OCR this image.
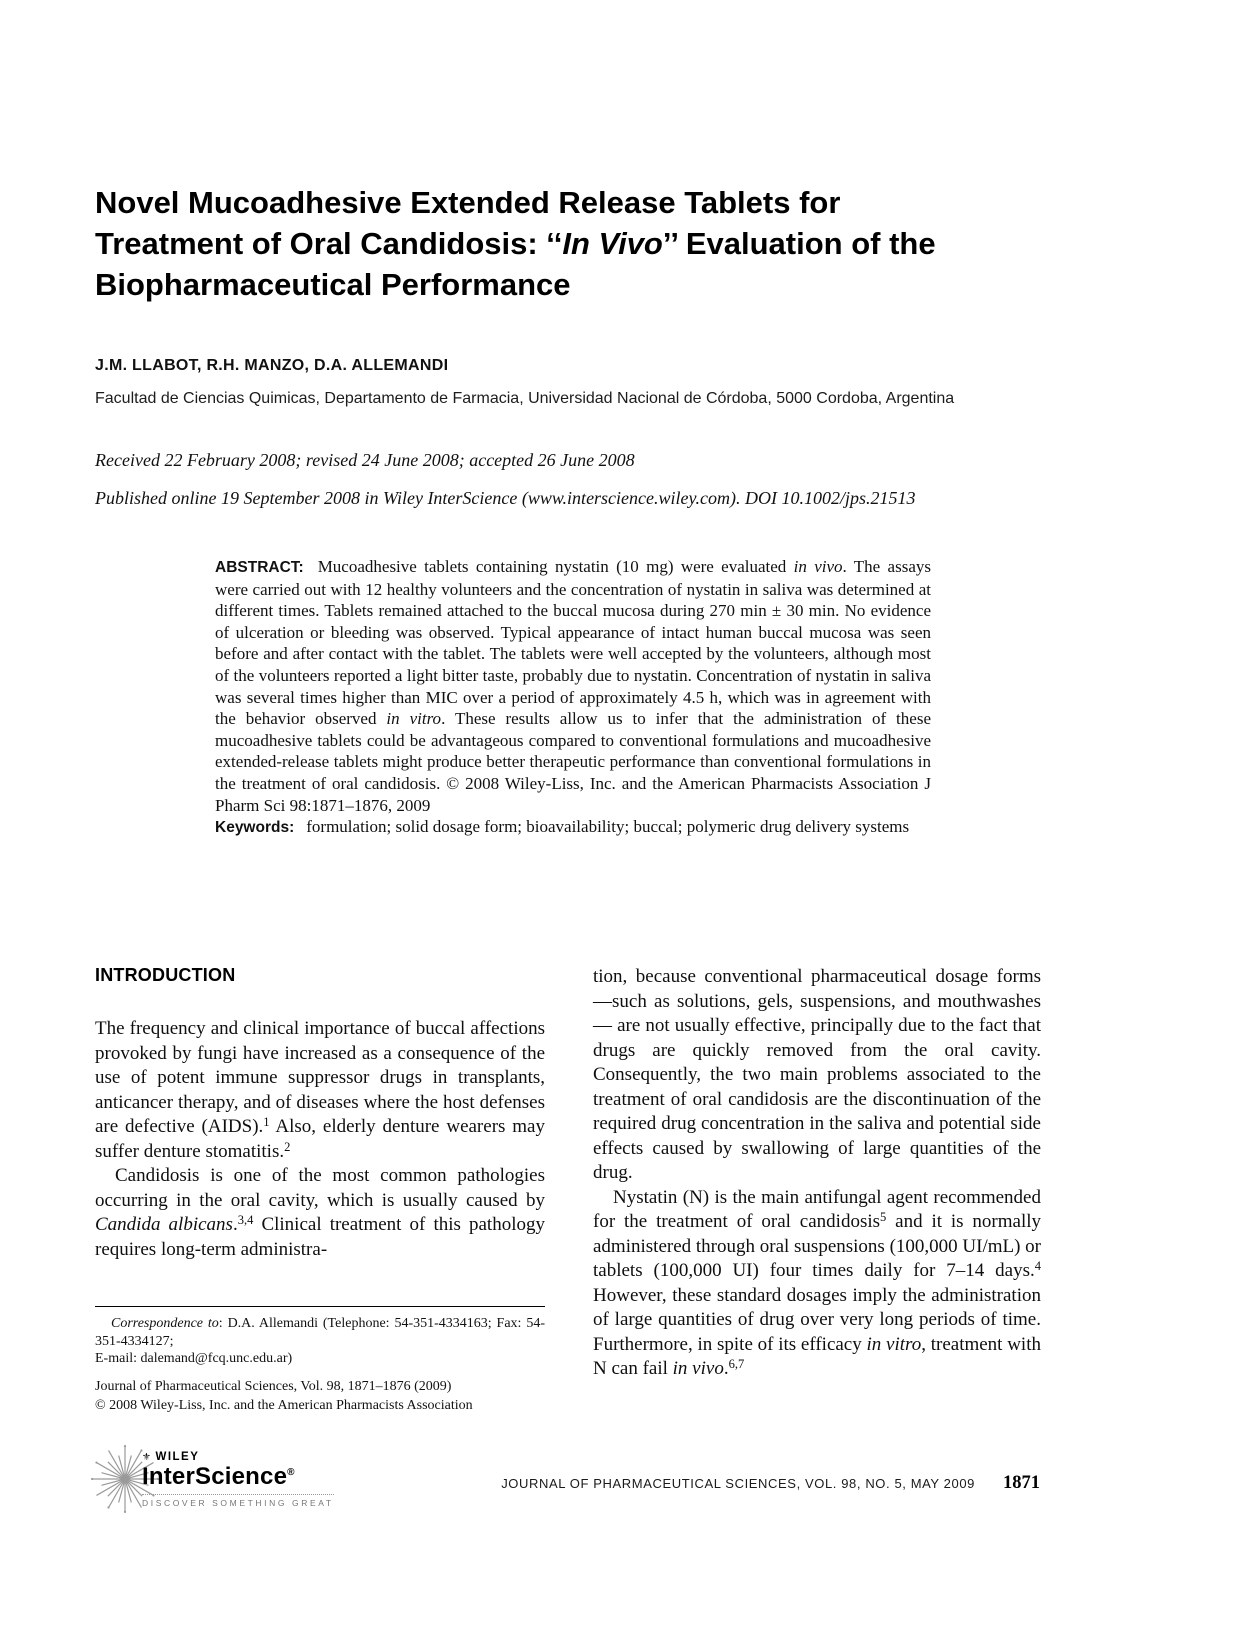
Novel Mucoadhesive Extended Release Tablets for
Treatment of Oral Candidosis: ‘‘In Vivo’’ Evaluation of the
Biopharmaceutical Performance
J.M. LLABOT, R.H. MANZO, D.A. ALLEMANDI
Facultad de Ciencias Quimicas, Departamento de Farmacia, Universidad Nacional de Córdoba, 5000 Cordoba, Argentina
Received 22 February 2008; revised 24 June 2008; accepted 26 June 2008
Published online 19 September 2008 in Wiley InterScience (www.interscience.wiley.com). DOI 10.1002/jps.21513

ABSTRACT: Mucoadhesive tablets containing nystatin (10 mg) were evaluated in vivo. The assays were carried out with 12 healthy volunteers and the concentration of nystatin in saliva was determined at different times. Tablets remained attached to the buccal mucosa during 270 min ± 30 min. No evidence of ulceration or bleeding was observed. Typical appearance of intact human buccal mucosa was seen before and after contact with the tablet. The tablets were well accepted by the volunteers, although most of the volunteers reported a light bitter taste, probably due to nystatin. Concentration of nystatin in saliva was several times higher than MIC over a period of approximately 4.5 h, which was in agreement with the behavior observed in vitro. These results allow us to infer that the administration of these mucoadhesive tablets could be advantageous compared to conventional formulations and mucoadhesive extended-release tablets might produce better therapeutic performance than conventional formulations in the treatment of oral candidosis. © 2008 Wiley-Liss, Inc. and the American Pharmacists Association J Pharm Sci 98:1871–1876, 2009

Keywords: formulation; solid dosage form; bioavailability; buccal; polymeric drug delivery systems

INTRODUCTION

The frequency and clinical importance of buccal affections provoked by fungi have increased as a consequence of the use of potent immune suppressor drugs in transplants, anticancer therapy, and of diseases where the host defenses are defective (AIDS).$^1$ Also, elderly denture wearers may suffer denture stomatitis.$^2$

Candidosis is one of the most common pathologies occurring in the oral cavity, which is usually caused by Candida albicans.$^{3,4}$ Clinical treatment of this pathology requires long-term administra-

tion, because conventional pharmaceutical dosage forms —such as solutions, gels, suspensions, and mouthwashes— are not usually effective, principally due to the fact that drugs are quickly removed from the oral cavity. Consequently, the two main problems associated to the treatment of oral candidosis are the discontinuation of the required drug concentration in the saliva and potential side effects caused by swallowing of large quantities of the drug.

Nystatin (N) is the main antifungal agent recommended for the treatment of oral candidosis$^5$ and it is normally administered through oral suspensions (100,000 UI/mL) or tablets (100,000 UI) four times daily for 7–14 days.$^4$ However, these standard dosages imply the administration of large quantities of drug over very long periods of time. Furthermore, in spite of its efficacy in vitro, treatment with N can fail in vivo.$^{6,7}$

Correspondence to: D.A. Allemandi (Telephone: 54-351-4334163; Fax: 54-351-4334127;
E-mail: dalemand@fcq.unc.edu.ar)

Journal of Pharmaceutical Sciences, Vol. 98, 1871–1876 (2009)

© 2008 Wiley-Liss, Inc. and the American Pharmacists Association

⚜ WILEY
InterScience®
DISCOVER SOMETHING GREAT
JOURNAL OF PHARMACEUTICAL SCIENCES, VOL. 98, NO. 5, MAY 2009 1871
